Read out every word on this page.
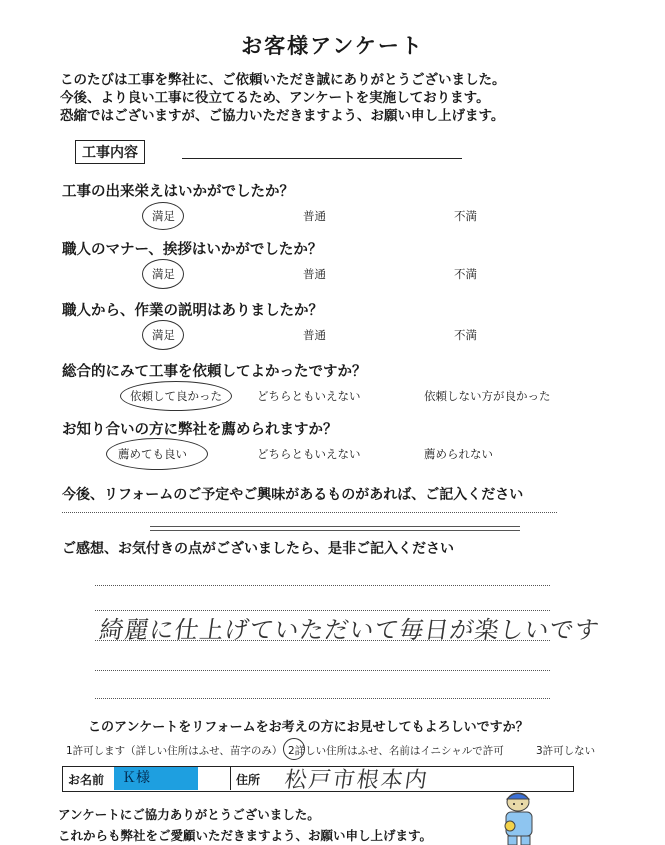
お客様アンケート
このたびは工事を弊社に、ご依頼いただき誠にありがとうございました。
今後、より良い工事に役立てるため、アンケートを実施しております。
恐縮ではございますが、ご協力いただきますよう、お願い申し上げます。
工事内容
工事の出来栄えはいかがでしたか？
満足	普通	不満
職人のマナー、挨拶はいかがでしたか？
満足	普通	不満
職人から、作業の説明はありましたか？
満足	普通	不満
総合的にみて工事を依頼してよかったですか？
依頼して良かった	どちらともいえない	依頼しない方が良かった
お知り合いの方に弊社を薦められますか？
薦めても良い	どちらともいえない	薦められない
今後、リフォームのご予定やご興味があるものがあれば、ご記入ください
ご感想、お気付きの点がございましたら、是非ご記入ください
綺麗に仕上げていただいて毎日が楽しいです
このアンケートをリフォームをお考えの方にお見せしてもよろしいですか？
1許可します（詳しい住所はふせ、苗字のみ） 2詳しい住所はふせ、名前はイニシャルで許可	3許可しない
お名前	Ｋ様	住所 松戸市根本内
アンケートにご協力ありがとうございました。
これからも弊社をご愛顧いただきますよう、お願い申し上げます。
